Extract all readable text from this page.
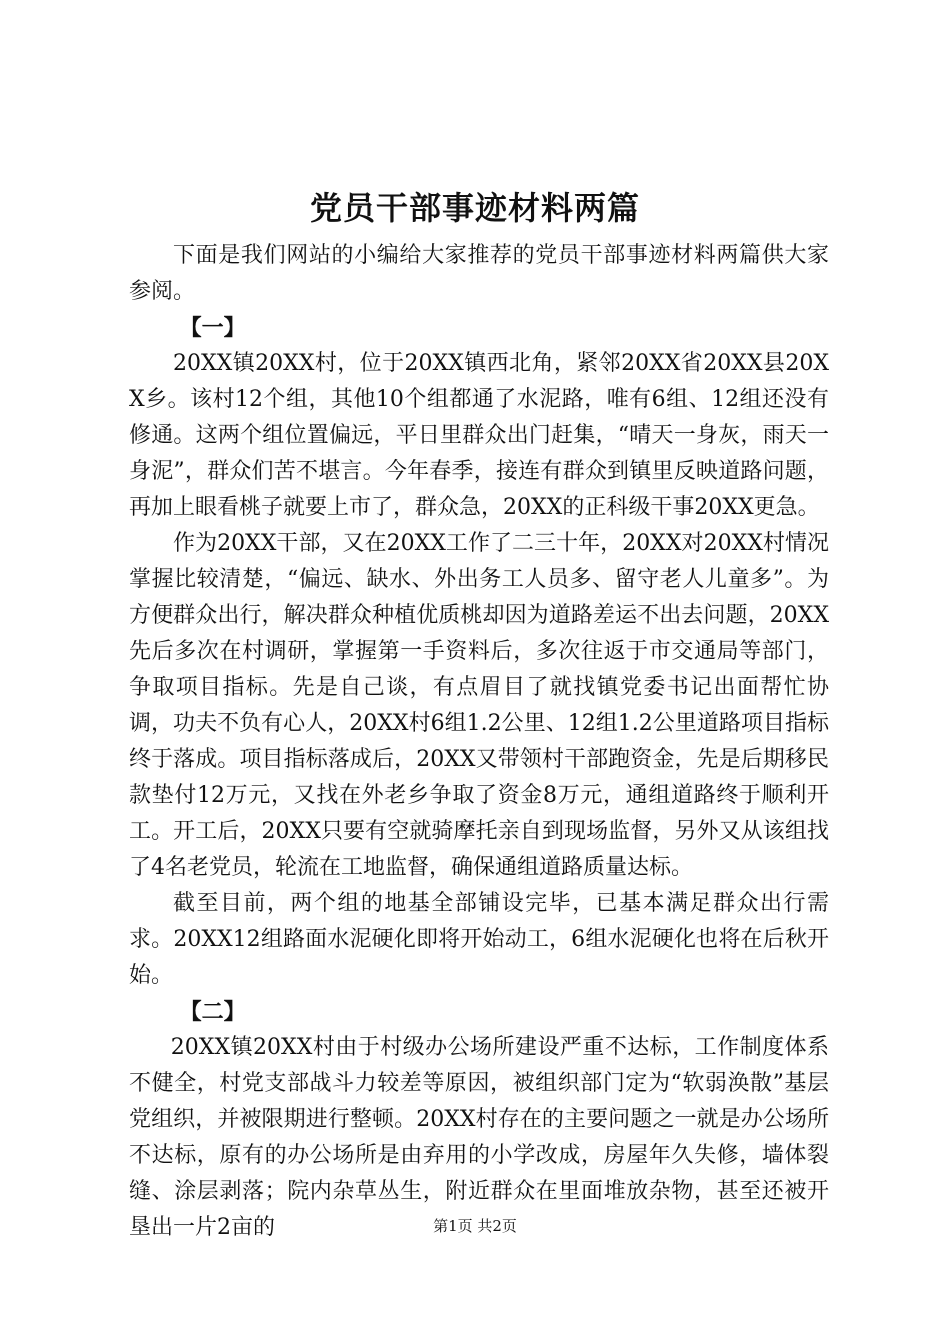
党员干部事迹材料两篇

下面是我们网站的小编给大家推荐的党员干部事迹材料两篇供大家参阅。

【一】

20XX镇20XX村，位于20XX镇西北角，紧邻20XX省20XX县20XX乡。该村12个组，其他10个组都通了水泥路，唯有6组、12组还没有修通。这两个组位置偏远，平日里群众出门赶集，“晴天一身灰，雨天一身泥”，群众们苦不堪言。今年春季，接连有群众到镇里反映道路问题，再加上眼看桃子就要上市了，群众急，20XX的正科级干事20XX更急。

作为20XX干部，又在20XX工作了二三十年，20XX对20XX村情况掌握比较清楚，“偏远、缺水、外出务工人员多、留守老人儿童多”。为方便群众出行，解决群众种植优质桃却因为道路差运不出去问题，20XX先后多次在村调研，掌握第一手资料后，多次往返于市交通局等部门，争取项目指标。先是自己谈，有点眉目了就找镇党委书记出面帮忙协调，功夫不负有心人，20XX村6组1.2公里、12组1.2公里道路项目指标终于落成。项目指标落成后，20XX又带领村干部跑资金，先是后期移民款垫付12万元，又找在外老乡争取了资金8万元，通组道路终于顺利开工。开工后，20XX只要有空就骑摩托亲自到现场监督，另外又从该组找了4名老党员，轮流在工地监督，确保通组道路质量达标。

截至目前，两个组的地基全部铺设完毕，已基本满足群众出行需求。20XX12组路面水泥硬化即将开始动工，6组水泥硬化也将在后秋开始。

【二】

20XX镇20XX村由于村级办公场所建设严重不达标，工作制度体系不健全，村党支部战斗力较差等原因，被组织部门定为“软弱涣散”基层党组织，并被限期进行整顿。20XX村存在的主要问题之一就是办公场所不达标，原有的办公场所是由弃用的小学改成，房屋年久失修，墙体裂缝、涂层剥落；院内杂草丛生，附近群众在里面堆放杂物，甚至还被开垦出一片2亩的	第1页 共2页
